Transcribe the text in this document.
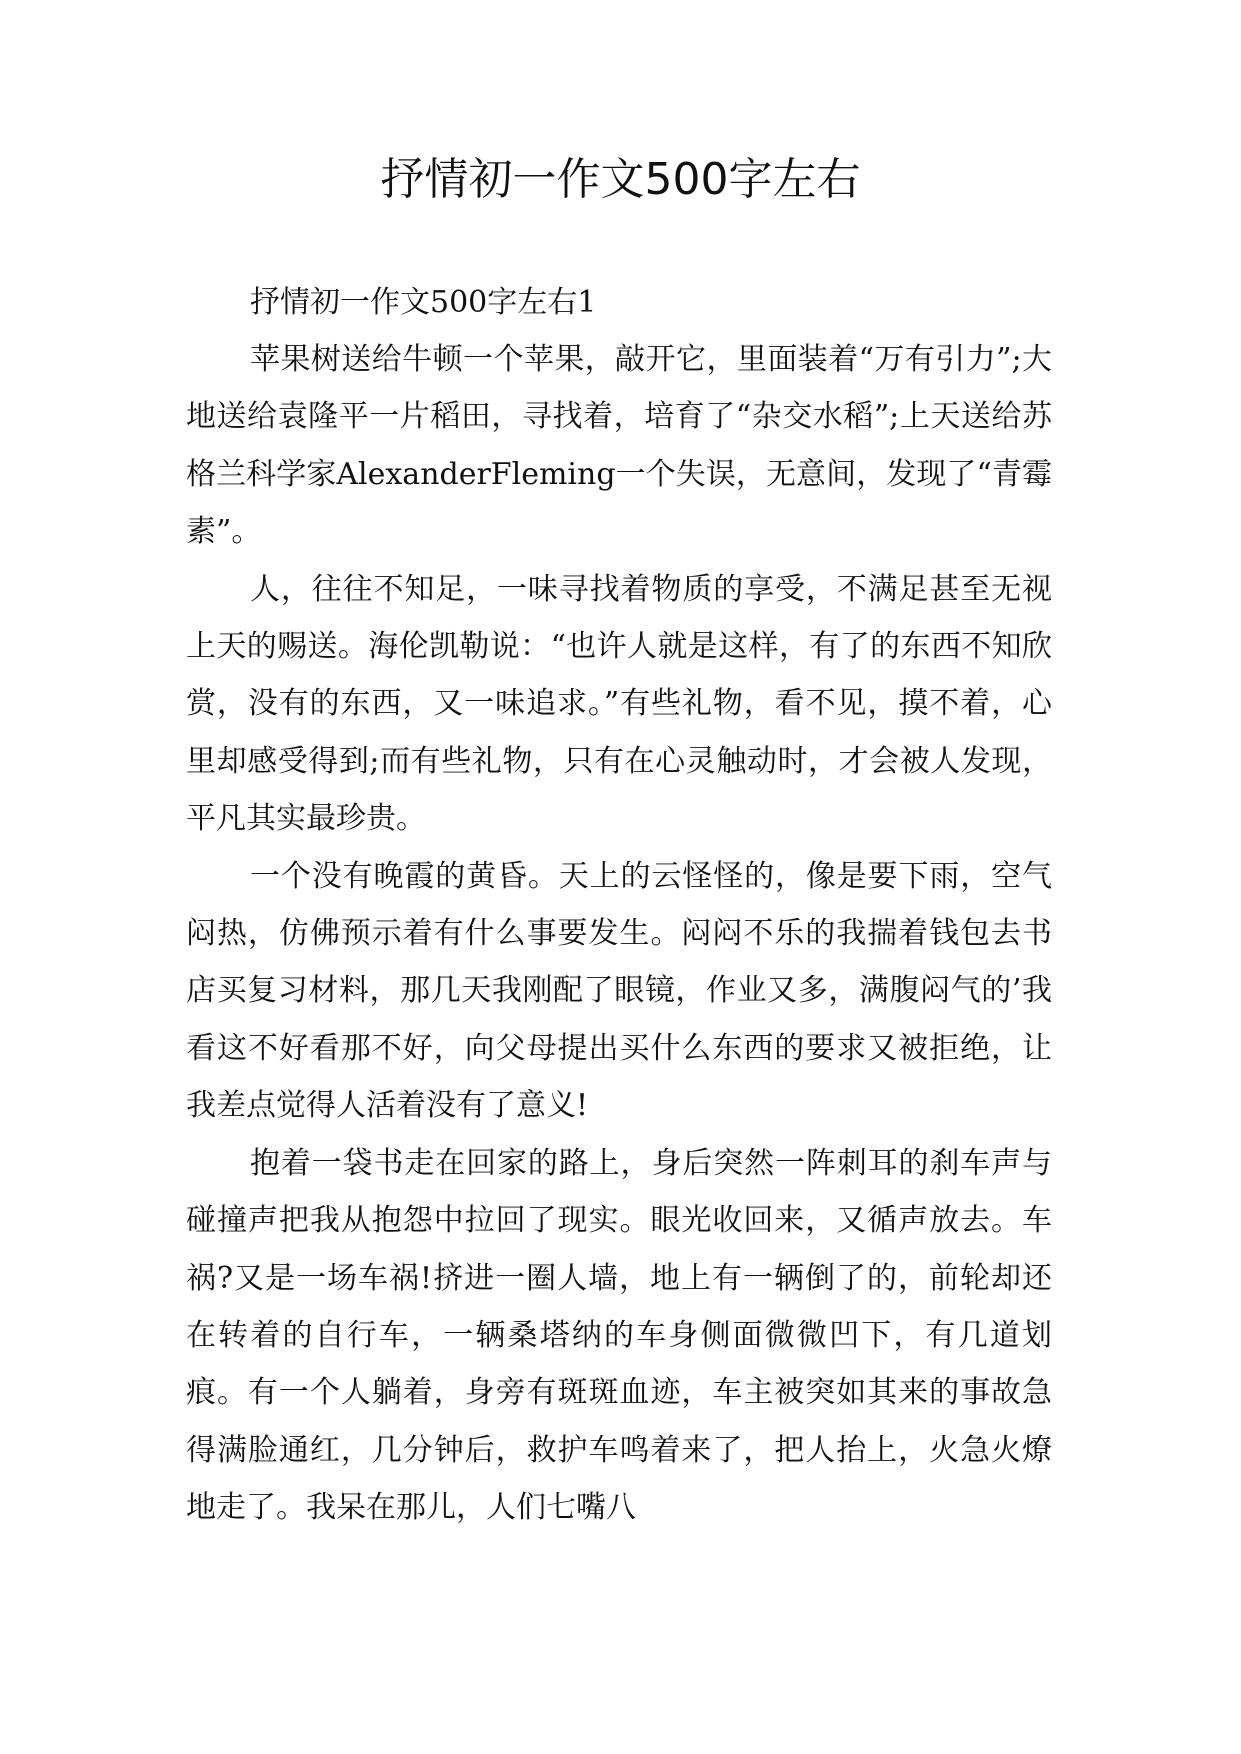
抒情初一作文500字左右

抒情初一作文500字左右1

苹果树送给牛顿一个苹果，敲开它，里面装着“万有引力”;大地送给袁隆平一片稻田，寻找着，培育了“杂交水稻”;上天送给苏格兰科学家AlexanderFleming一个失误，无意间，发现了“青霉素”。

人，往往不知足，一味寻找着物质的享受，不满足甚至无视上天的赐送。海伦凯勒说：“也许人就是这样，有了的东西不知欣赏，没有的东西，又一味追求。”有些礼物，看不见，摸不着，心里却感受得到;而有些礼物，只有在心灵触动时，才会被人发现，平凡其实最珍贵。

一个没有晚霞的黄昏。天上的云怪怪的，像是要下雨，空气闷热，仿佛预示着有什么事要发生。闷闷不乐的我揣着钱包去书店买复习材料，那几天我刚配了眼镜，作业又多，满腹闷气的’我看这不好看那不好，向父母提出买什么东西的要求又被拒绝，让我差点觉得人活着没有了意义!

抱着一袋书走在回家的路上，身后突然一阵刺耳的刹车声与碰撞声把我从抱怨中拉回了现实。眼光收回来，又循声放去。车祸?又是一场车祸!挤进一圈人墙，地上有一辆倒了的，前轮却还在转着的自行车，一辆桑塔纳的车身侧面微微凹下，有几道划痕。有一个人躺着，身旁有斑斑血迹，车主被突如其来的事故急得满脸通红，几分钟后，救护车鸣着来了，把人抬上，火急火燎地走了。我呆在那儿，人们七嘴八
